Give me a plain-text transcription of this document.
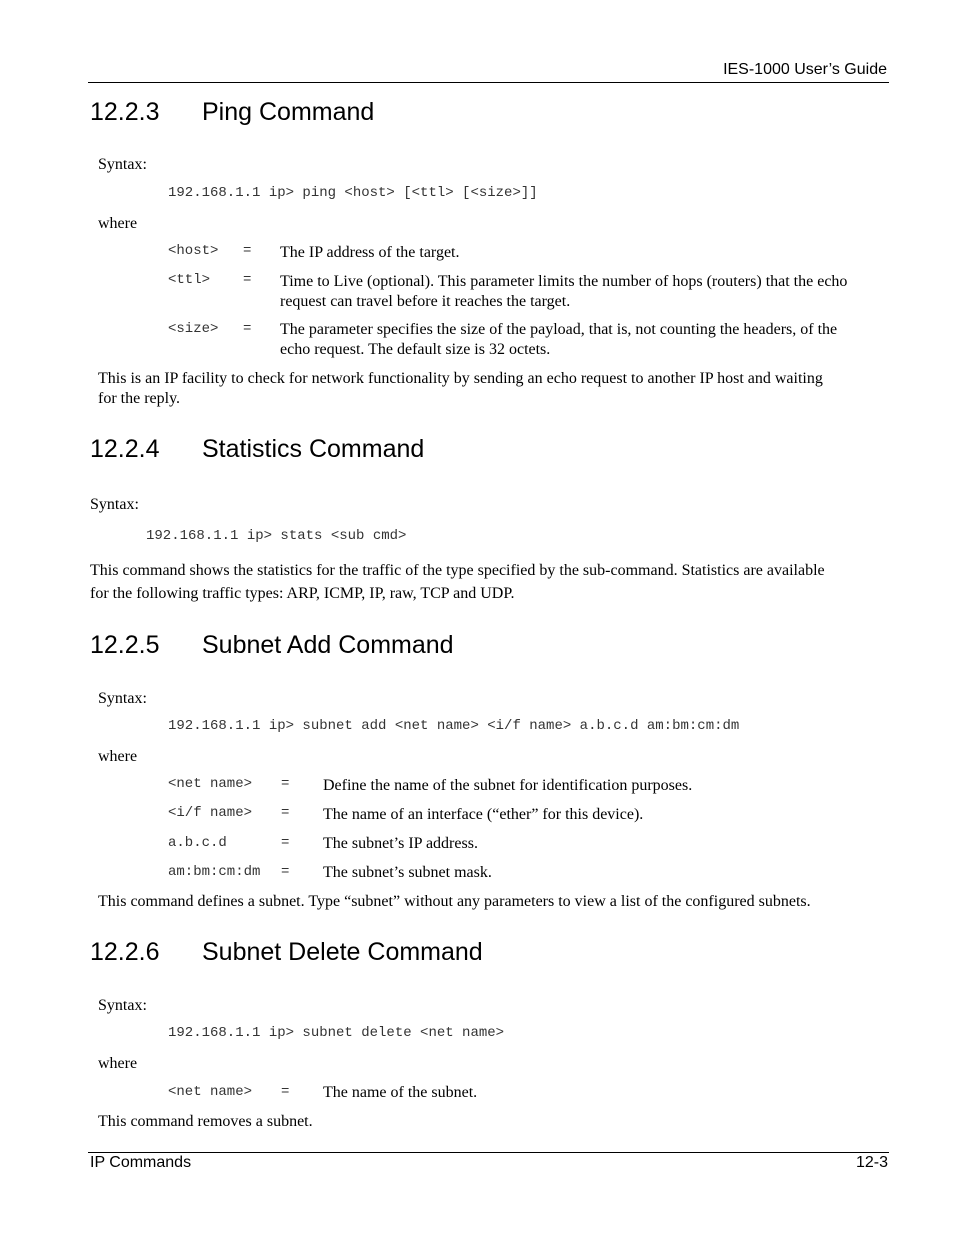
IES-1000 User’s Guide
12.2.3 Ping Command
Syntax:
192.168.1.1 ip> ping <host> [<ttl> [<size>]]
where
<host> = The IP address of the target.
<ttl> = Time to Live (optional). This parameter limits the number of hops (routers) that the echo request can travel before it reaches the target.
<size> = The parameter specifies the size of the payload, that is, not counting the headers, of the echo request. The default size is 32 octets.
This is an IP facility to check for network functionality by sending an echo request to another IP host and waiting for the reply.
12.2.4 Statistics Command
Syntax:
192.168.1.1 ip> stats <sub cmd>
This command shows the statistics for the traffic of the type specified by the sub-command. Statistics are available for the following traffic types: ARP, ICMP, IP, raw, TCP and UDP.
12.2.5 Subnet Add Command
Syntax:
192.168.1.1 ip> subnet add <net name> <i/f name> a.b.c.d am:bm:cm:dm
where
<net name> = Define the name of the subnet for identification purposes.
<i/f name> = The name of an interface (“ether” for this device).
a.b.c.d	= The subnet’s IP address.
am:bm:cm:dm = The subnet’s subnet mask.
This command defines a subnet. Type “subnet” without any parameters to view a list of the configured subnets.
12.2.6 Subnet Delete Command
Syntax:
192.168.1.1 ip> subnet delete <net name>
where
<net name> = The name of the subnet.
This command removes a subnet.
IP Commands	12-3
